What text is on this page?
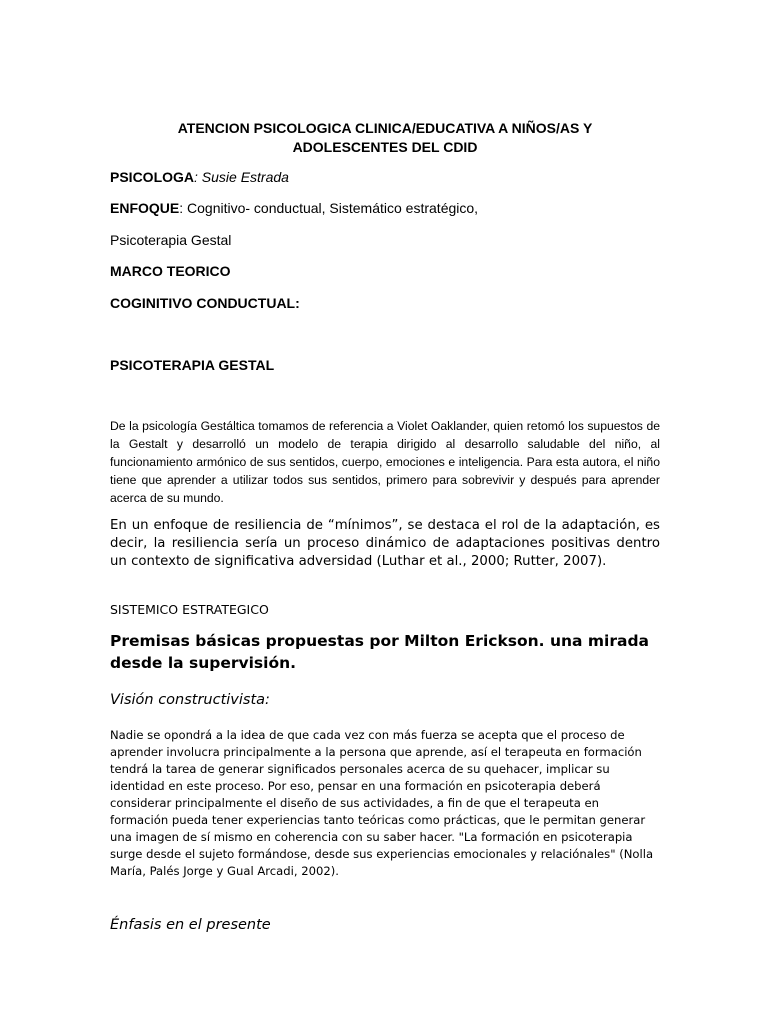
ATENCION PSICOLOGICA CLINICA/EDUCATIVA A NIÑOS/AS Y
ADOLESCENTES DEL CDID

PSICOLOGA: Susie Estrada

ENFOQUE: Cognitivo- conductual, Sistemático estratégico,

Psicoterapia Gestal

MARCO TEORICO

COGINITIVO CONDUCTUAL:

PSICOTERAPIA GESTAL

De la psicología Gestáltica tomamos de referencia a Violet Oaklander, quien retomó los supuestos de la Gestalt y desarrolló un modelo de terapia dirigido al desarrollo saludable del niño, al funcionamiento armónico de sus sentidos, cuerpo, emociones e inteligencia. Para esta autora, el niño tiene que aprender a utilizar todos sus sentidos, primero para sobrevivir y después para aprender acerca de su mundo.

En un enfoque de resiliencia de “mínimos”, se destaca el rol de la adaptación, es decir, la resiliencia sería un proceso dinámico de adaptaciones positivas dentro un contexto de significativa adversidad (Luthar et al., 2000; Rutter, 2007).

SISTEMICO ESTRATEGICO

Premisas básicas propuestas por Milton Erickson. una mirada desde la supervisión.

Visión constructivista:

Nadie se opondrá a la idea de que cada vez con más fuerza se acepta que el proceso de aprender involucra principalmente a la persona que aprende, así el terapeuta en formación tendrá la tarea de generar significados personales acerca de su quehacer, implicar su identidad en este proceso. Por eso, pensar en una formación en psicoterapia deberá considerar principalmente el diseño de sus actividades, a fin de que el terapeuta en formación pueda tener experiencias tanto teóricas como prácticas, que le permitan generar una imagen de sí mismo en coherencia con su saber hacer. "La formación en psicoterapia surge desde el sujeto formándose, desde sus experiencias emocionales y relaciónales" (Nolla María, Palés Jorge y Gual Arcadi, 2002).

Énfasis en el presente
